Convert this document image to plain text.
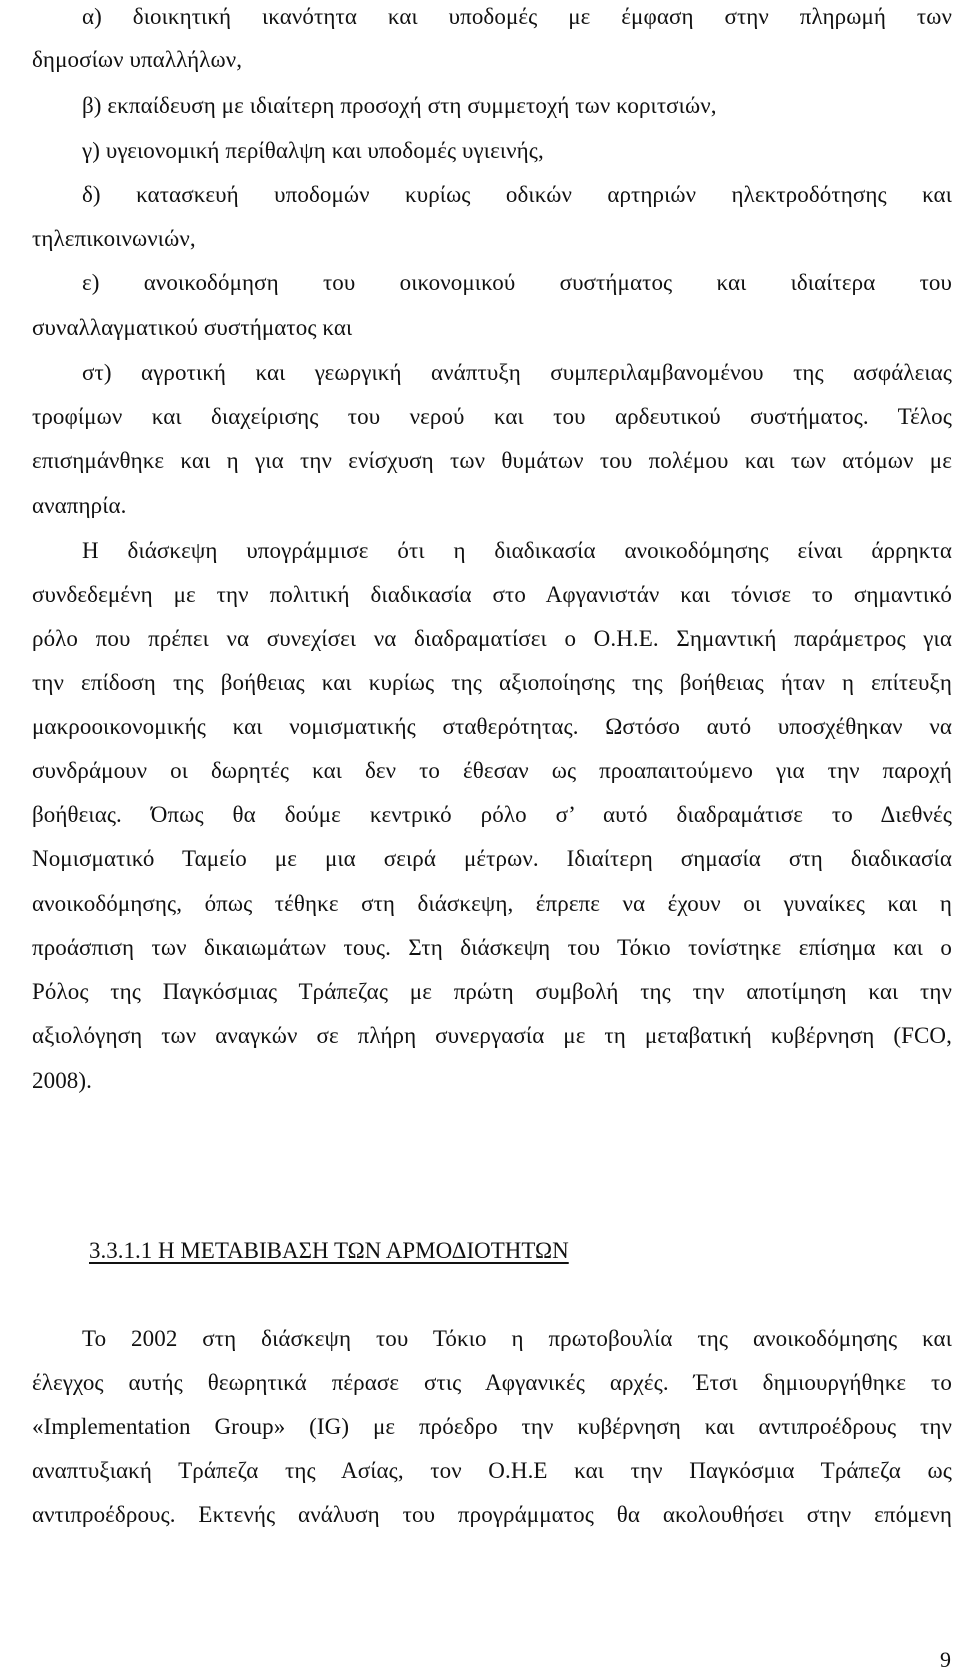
α) διοικητική ικανότητα και υποδομές με έμφαση στην πληρωμή των
δημοσίων υπαλλήλων,
β) εκπαίδευση με ιδιαίτερη προσοχή στη συμμετοχή των κοριτσιών,
γ) υγειονομική περίθαλψη και υποδομές υγιεινής,
δ) κατασκευή υποδομών κυρίως οδικών αρτηριών ηλεκτροδότησης και
τηλεπικοινωνιών,
ε) ανοικοδόμηση του οικονομικού συστήματος και ιδιαίτερα του
συναλλαγματικού συστήματος και
στ) αγροτική και γεωργική ανάπτυξη συμπεριλαμβανομένου της ασφάλειας
τροφίμων και διαχείρισης του νερού και του αρδευτικού συστήματος. Τέλος
επισημάνθηκε και η για την ενίσχυση των θυμάτων του πολέμου και των ατόμων με
αναπηρία.
Η διάσκεψη υπογράμμισε ότι η διαδικασία ανοικοδόμησης είναι άρρηκτα
συνδεδεμένη με την πολιτική διαδικασία στο Αφγανιστάν και τόνισε το σημαντικό
ρόλο που πρέπει να συνεχίσει να διαδραματίσει ο Ο.Η.Ε. Σημαντική παράμετρος για
την επίδοση της βοήθειας και κυρίως της αξιοποίησης της βοήθειας ήταν η επίτευξη
μακροοικονομικής και νομισματικής σταθερότητας. Ωστόσο αυτό υποσχέθηκαν να
συνδράμουν οι δωρητές και δεν το έθεσαν ως προαπαιτούμενο για την παροχή
βοήθειας. Όπως θα δούμε κεντρικό ρόλο σ’ αυτό διαδραμάτισε το Διεθνές
Νομισματικό Ταμείο με μια σειρά μέτρων. Ιδιαίτερη σημασία στη διαδικασία
ανοικοδόμησης, όπως τέθηκε στη διάσκεψη, έπρεπε να έχουν οι γυναίκες και η
προάσπιση των δικαιωμάτων τους. Στη διάσκεψη του Τόκιο τονίστηκε επίσημα και ο
Ρόλος της Παγκόσμιας Τράπεζας με πρώτη συμβολή της την αποτίμηση και την
αξιολόγηση των αναγκών σε πλήρη συνεργασία με τη μεταβατική κυβέρνηση (FCO,
2008).
3.3.1.1 Η ΜΕΤΑΒΙΒΑΣΗ ΤΩΝ ΑΡΜΟΔΙΟΤΗΤΩΝ
Το 2002 στη διάσκεψη του Τόκιο η πρωτοβουλία της ανοικοδόμησης και
έλεγχος αυτής θεωρητικά πέρασε στις Αφγανικές αρχές. Έτσι δημιουργήθηκε το
«Implementation Group» (IG) με πρόεδρο την κυβέρνηση και αντιπροέδρους την
αναπτυξιακή Τράπεζα της Ασίας, τον Ο.Η.Ε και την Παγκόσμια Τράπεζα ως
αντιπροέδρους. Εκτενής ανάλυση του προγράμματος θα ακολουθήσει στην επόμενη
9
